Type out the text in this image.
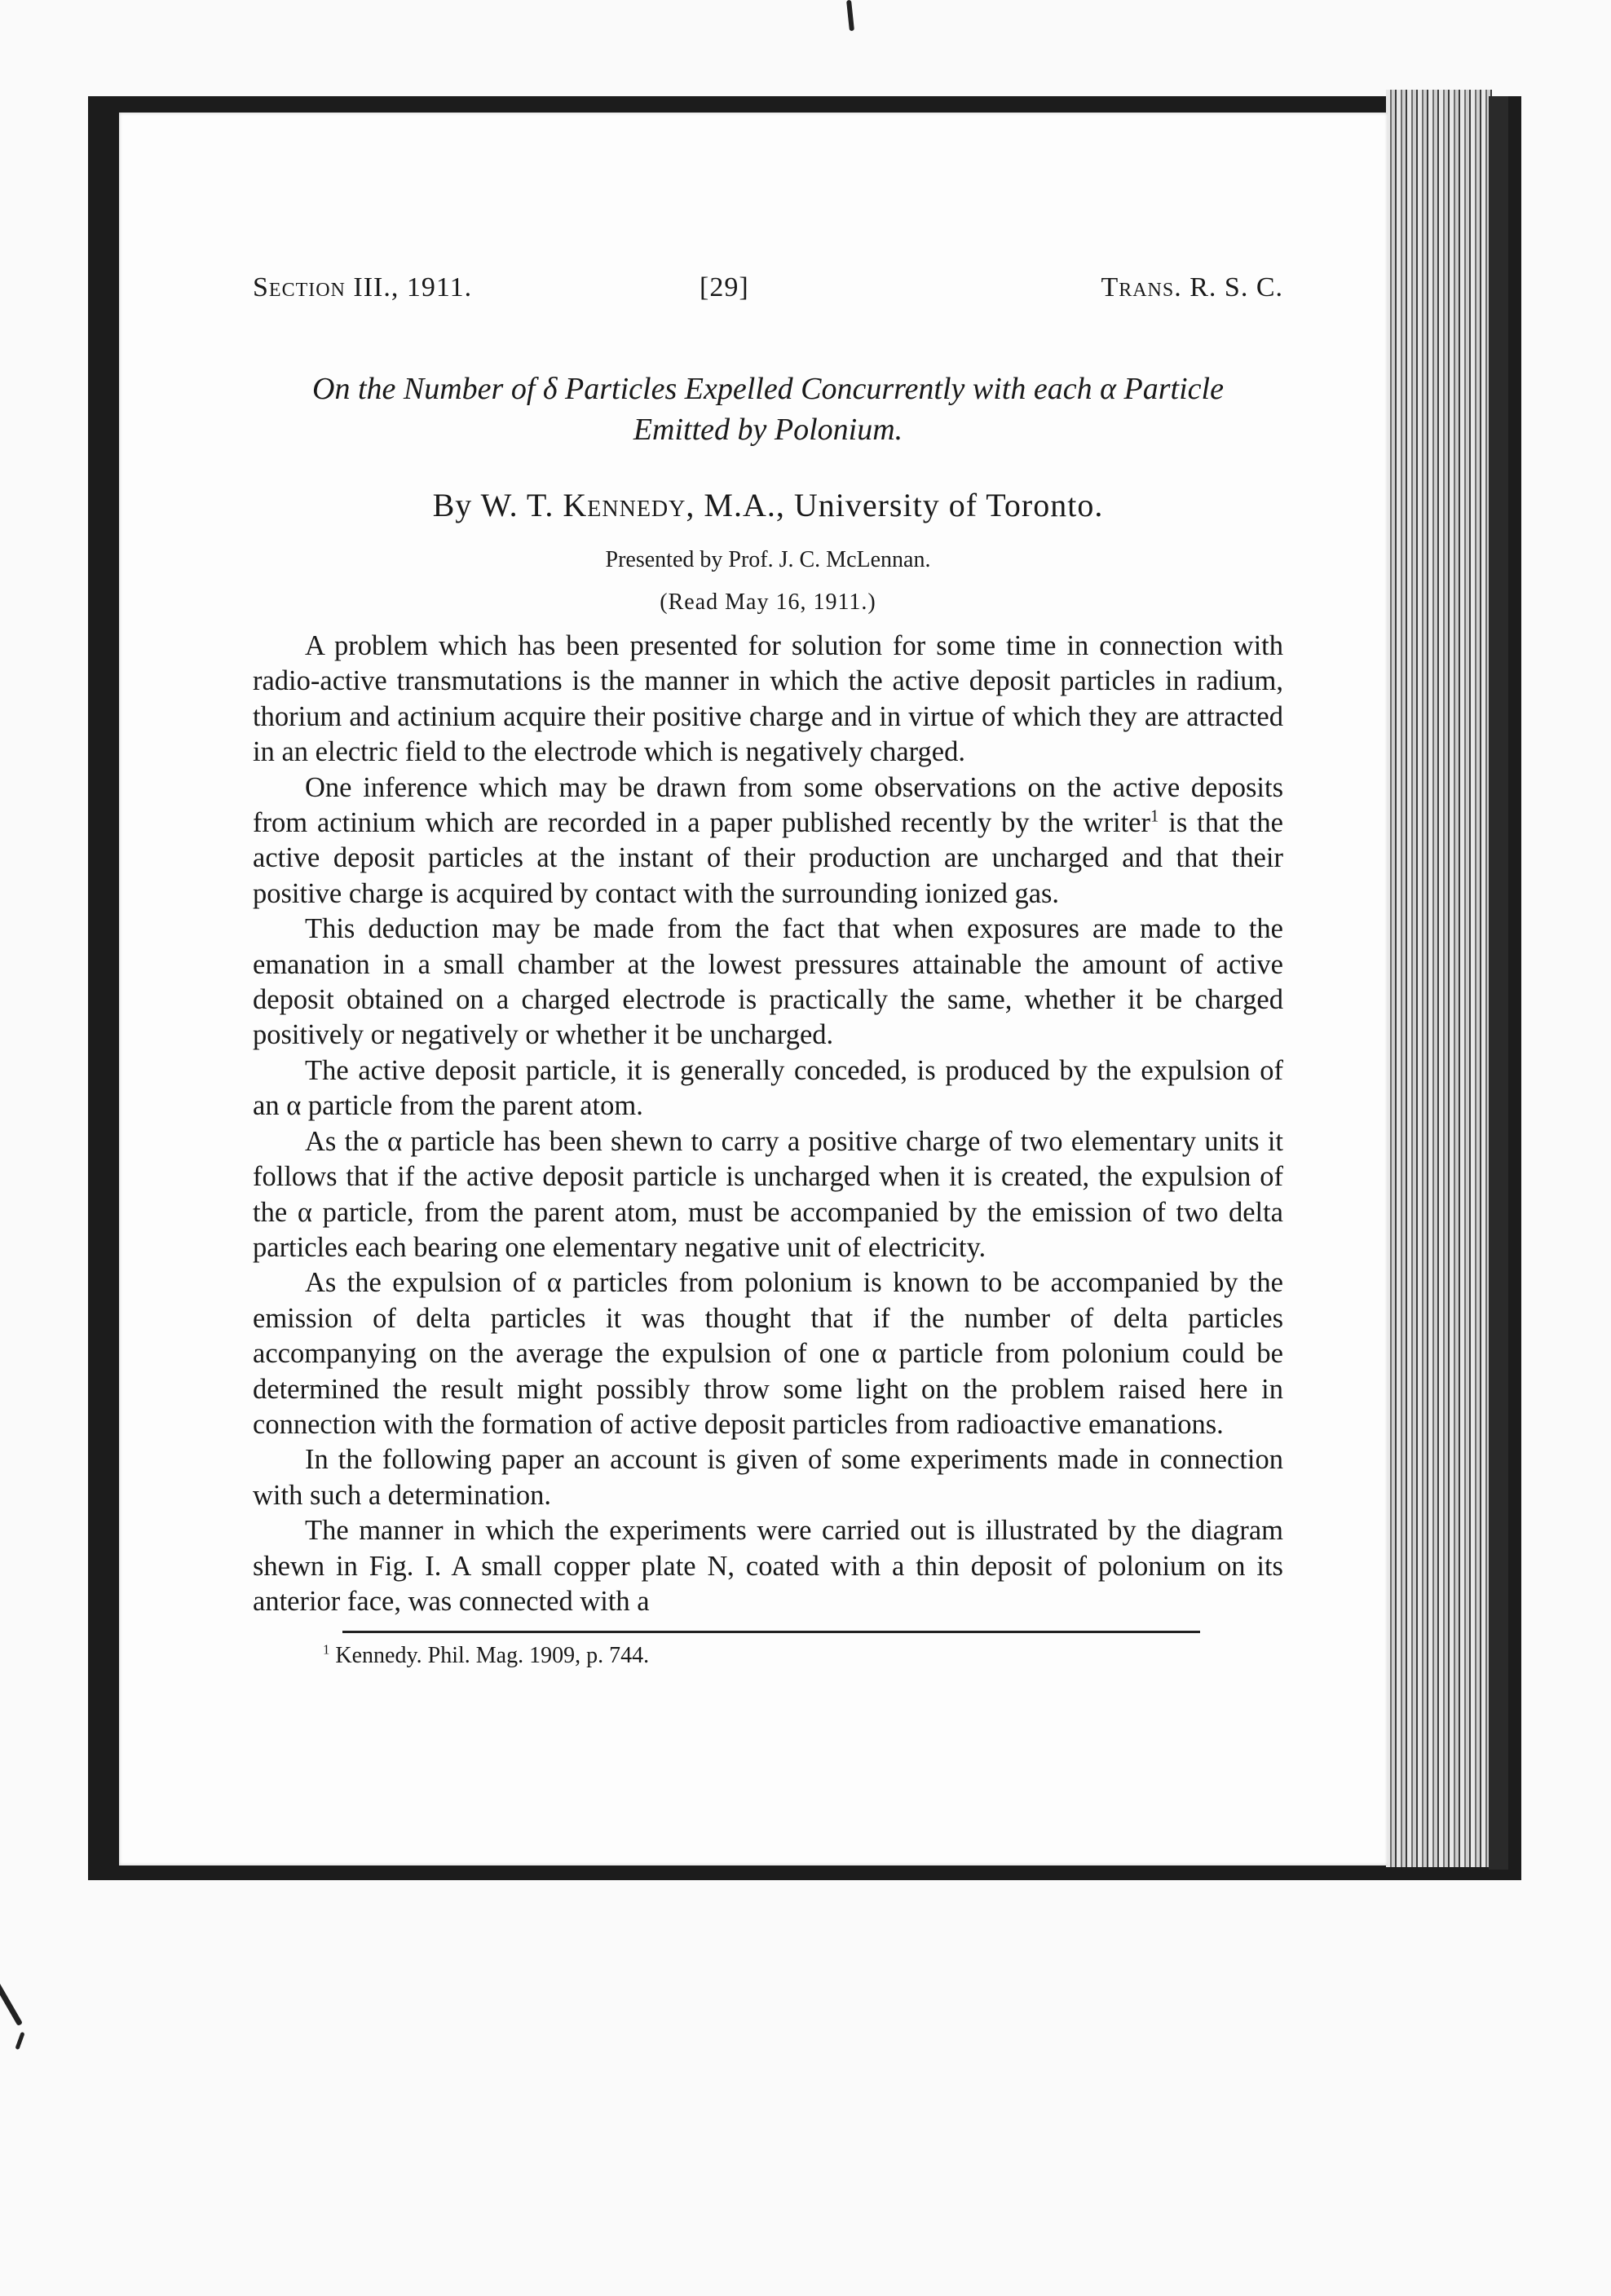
Section III., 1911.	[29]	Trans. R. S. C.
On the Number of δ Particles Expelled Concurrently with each α Particle
Emitted by Polonium.
By W. T. Kennedy, M.A., University of Toronto.
Presented by Prof. J. C. McLennan.
(Read May 16, 1911.)

A problem which has been presented for solution for some time in connection with radio-active transmutations is the manner in which the active deposit particles in radium, thorium and actinium acquire their positive charge and in virtue of which they are attracted in an electric field to the electrode which is negatively charged.

One inference which may be drawn from some observations on the active deposits from actinium which are recorded in a paper published recently by the writer$^1$ is that the active deposit particles at the instant of their production are uncharged and that their positive charge is acquired by contact with the surrounding ionized gas.

This deduction may be made from the fact that when exposures are made to the emanation in a small chamber at the lowest pressures attainable the amount of active deposit obtained on a charged electrode is practically the same, whether it be charged positively or negatively or whether it be uncharged.

The active deposit particle, it is generally conceded, is produced by the expulsion of an α particle from the parent atom.

As the α particle has been shewn to carry a positive charge of two elementary units it follows that if the active deposit particle is uncharged when it is created, the expulsion of the α particle, from the parent atom, must be accompanied by the emission of two delta particles each bearing one elementary negative unit of electricity.

As the expulsion of α particles from polonium is known to be accompanied by the emission of delta particles it was thought that if the number of delta particles accompanying on the average the expulsion of one α particle from polonium could be determined the result might possibly throw some light on the problem raised here in connection with the formation of active deposit particles from radioactive emanations.

In the following paper an account is given of some experiments made in connection with such a determination.

The manner in which the experiments were carried out is illustrated by the diagram shewn in Fig. I. A small copper plate N, coated with a thin deposit of polonium on its anterior face, was connected with a

$^1$ Kennedy. Phil. Mag. 1909, p. 744.
